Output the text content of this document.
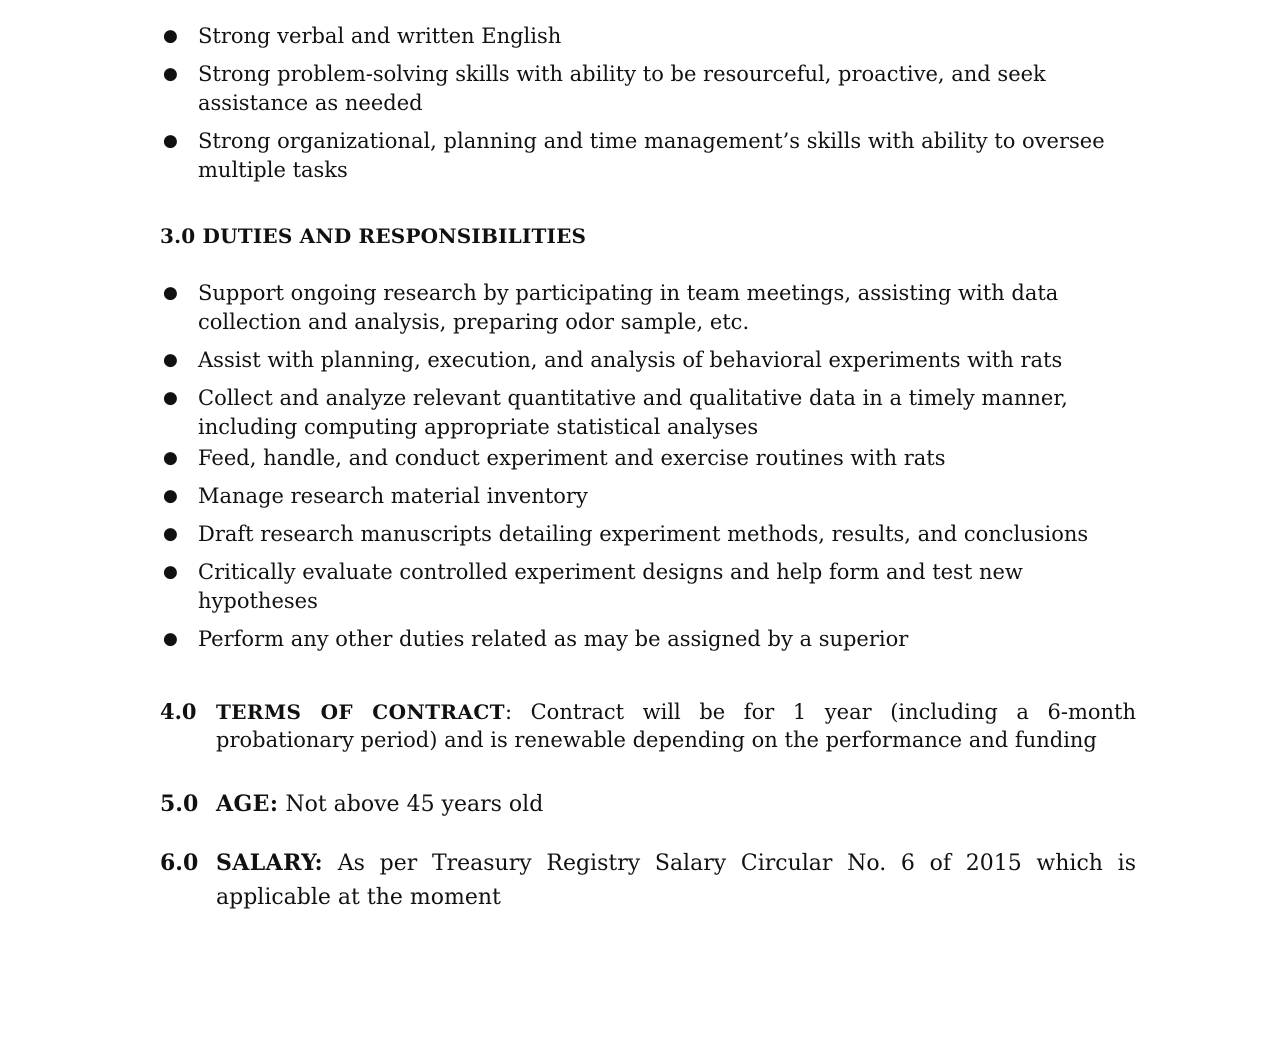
● Strong verbal and written English
● Strong problem-solving skills with ability to be resourceful, proactive, and seek assistance as needed
● Strong organizational, planning and time management’s skills with ability to oversee multiple tasks
3.0 DUTIES AND RESPONSIBILITIES
● Support ongoing research by participating in team meetings, assisting with data collection and analysis, preparing odor sample, etc.
● Assist with planning, execution, and analysis of behavioral experiments with rats
● Collect and analyze relevant quantitative and qualitative data in a timely manner, including computing appropriate statistical analyses
● Feed, handle, and conduct experiment and exercise routines with rats
● Manage research material inventory
● Draft research manuscripts detailing experiment methods, results, and conclusions
● Critically evaluate controlled experiment designs and help form and test new hypotheses
● Perform any other duties related as may be assigned by a superior
4.0 TERMS OF CONTRACT: Contract will be for 1 year (including a 6-month probationary period) and is renewable depending on the performance and funding
5.0 AGE: Not above 45 years old
6.0 SALARY: As per Treasury Registry Salary Circular No. 6 of 2015 which is applicable at the moment
